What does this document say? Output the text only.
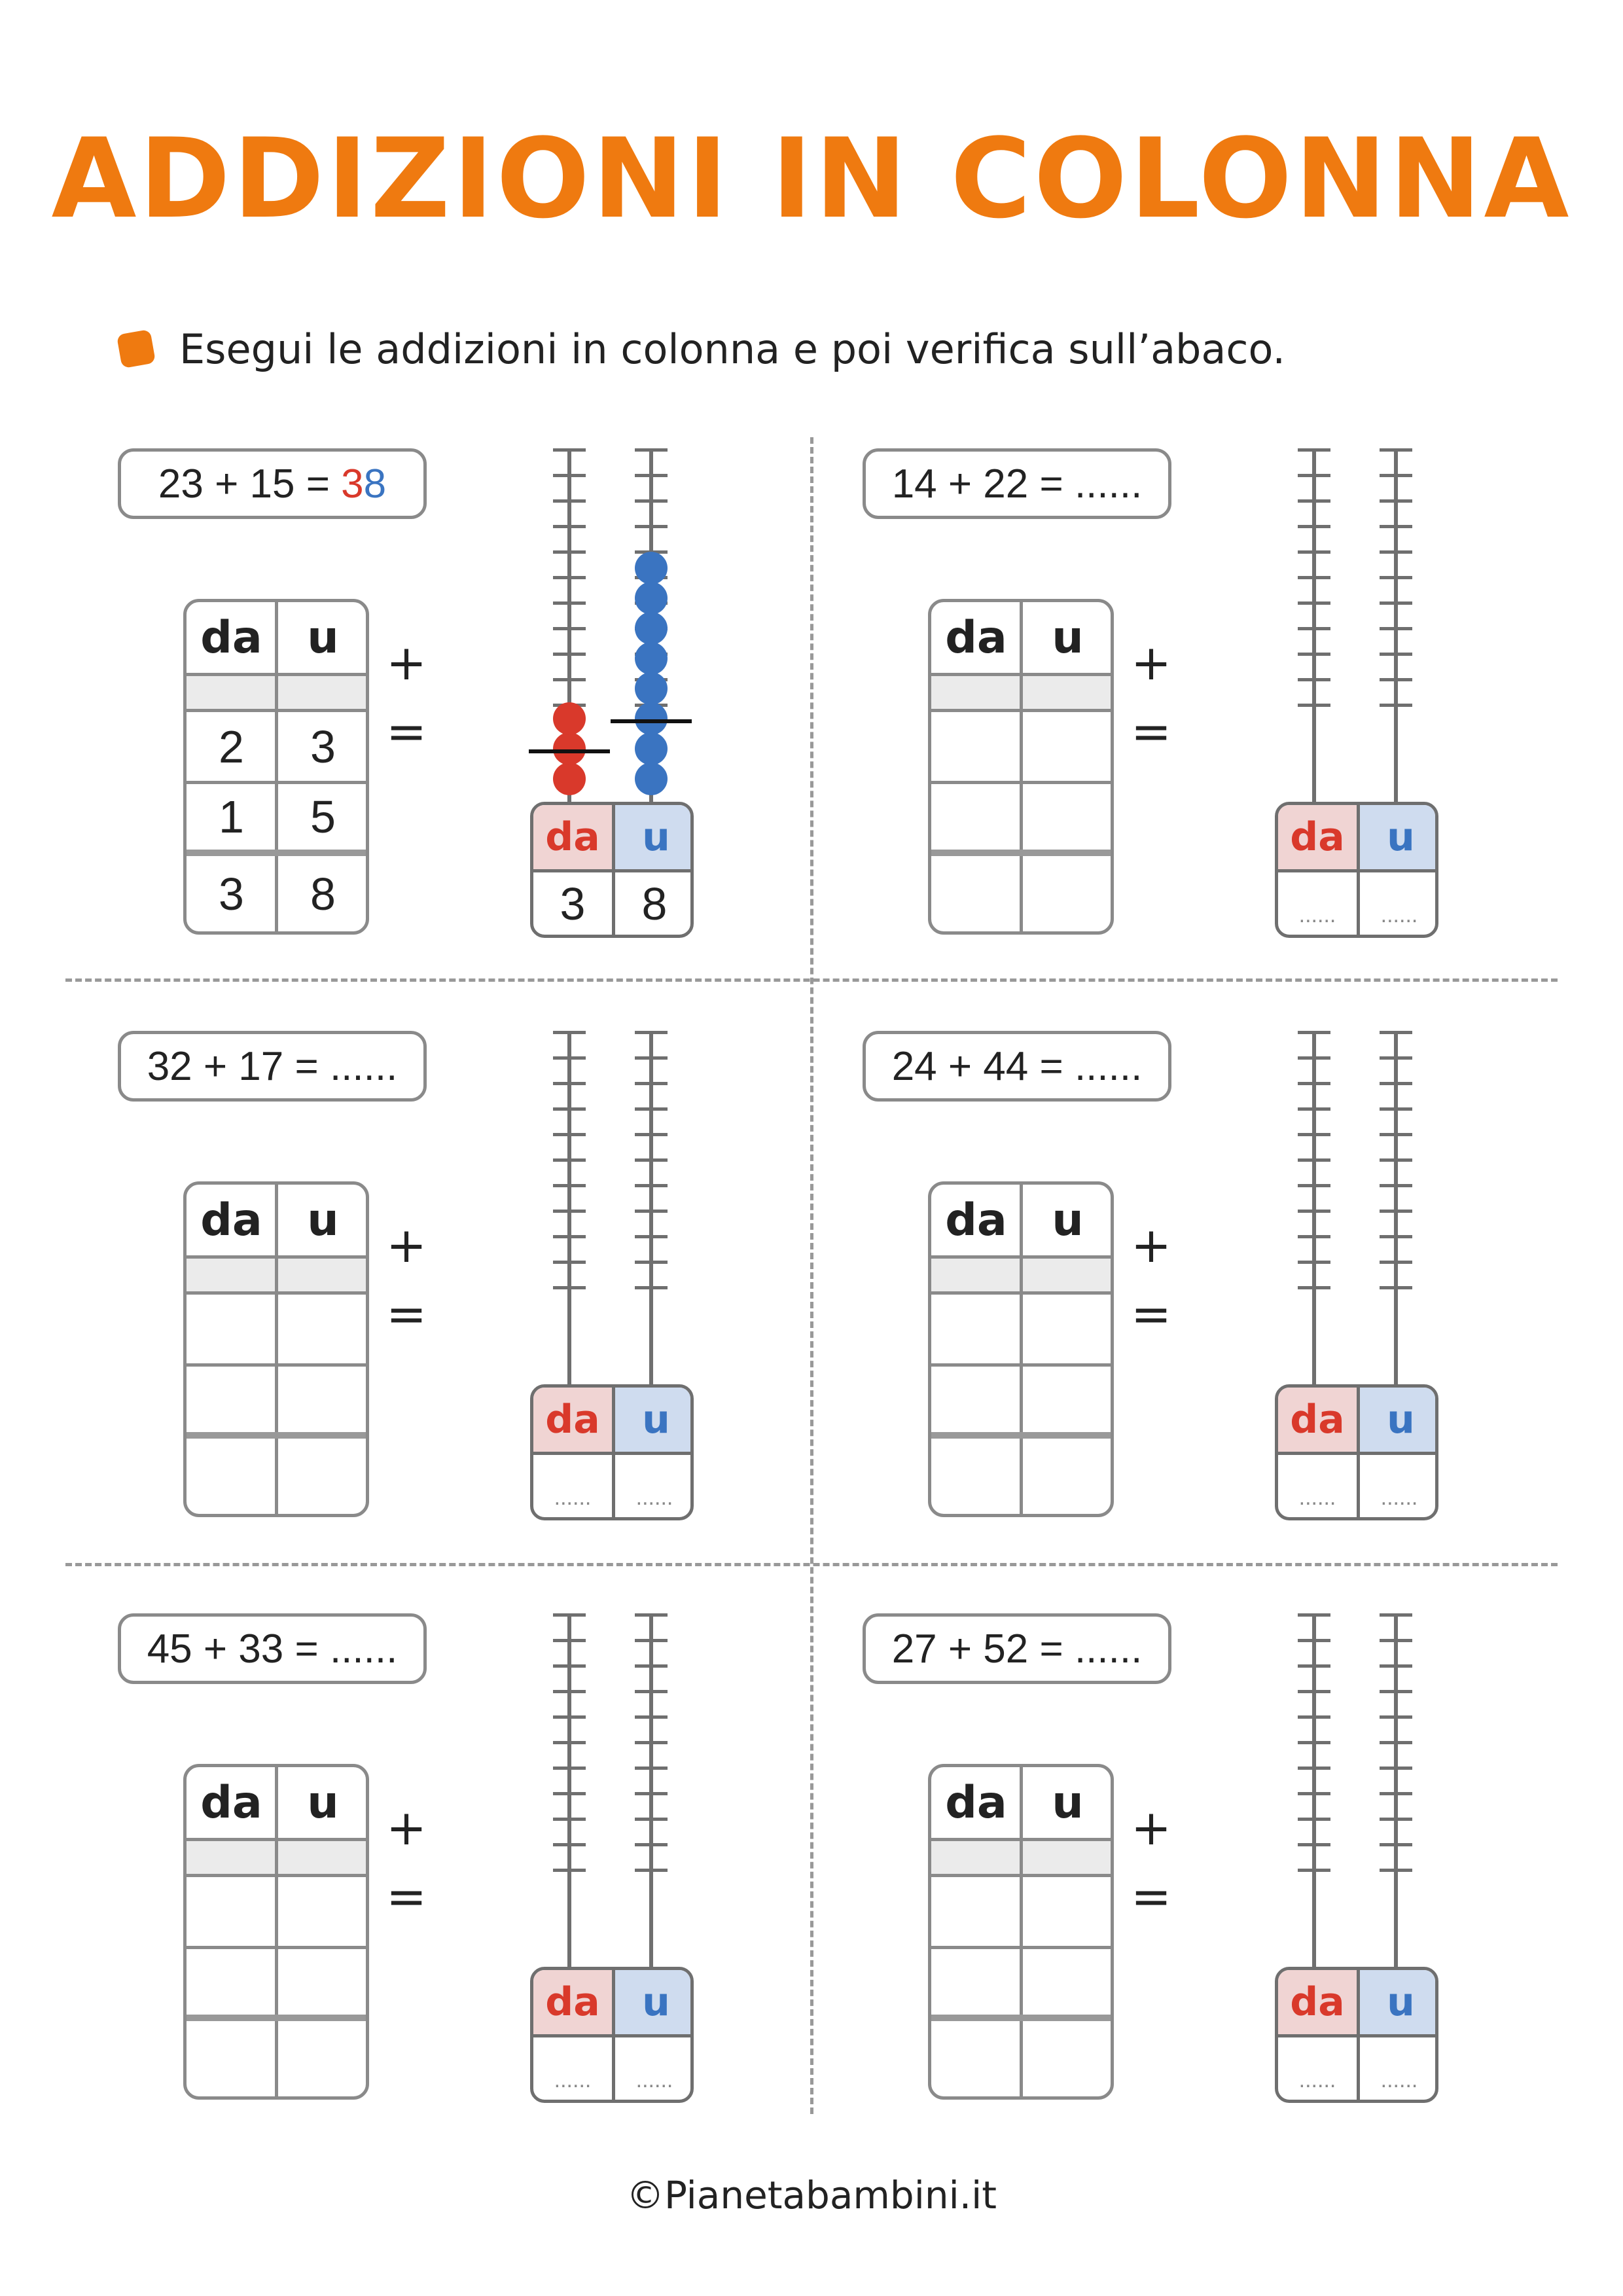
ADDIZIONI IN COLONNA
Esegui le addizioni in colonna e poi verifica sull’abaco.
23 + 15 = 3 8
da	u
2	3
1	5
3	8
+
=
da	u
3	8
14 + 22 = ......
da	u +
=
da	u
......	......
32 + 17 = ......
da	u +
=
da	u
......	......
24 + 44 = ......
da	u +
=
da	u
......	......
45 + 33 = ......
da	u +
=
da	u
......	......
27 + 52 = ......
da	u +
=
da	u
......	......
©Pianetabambini.it
